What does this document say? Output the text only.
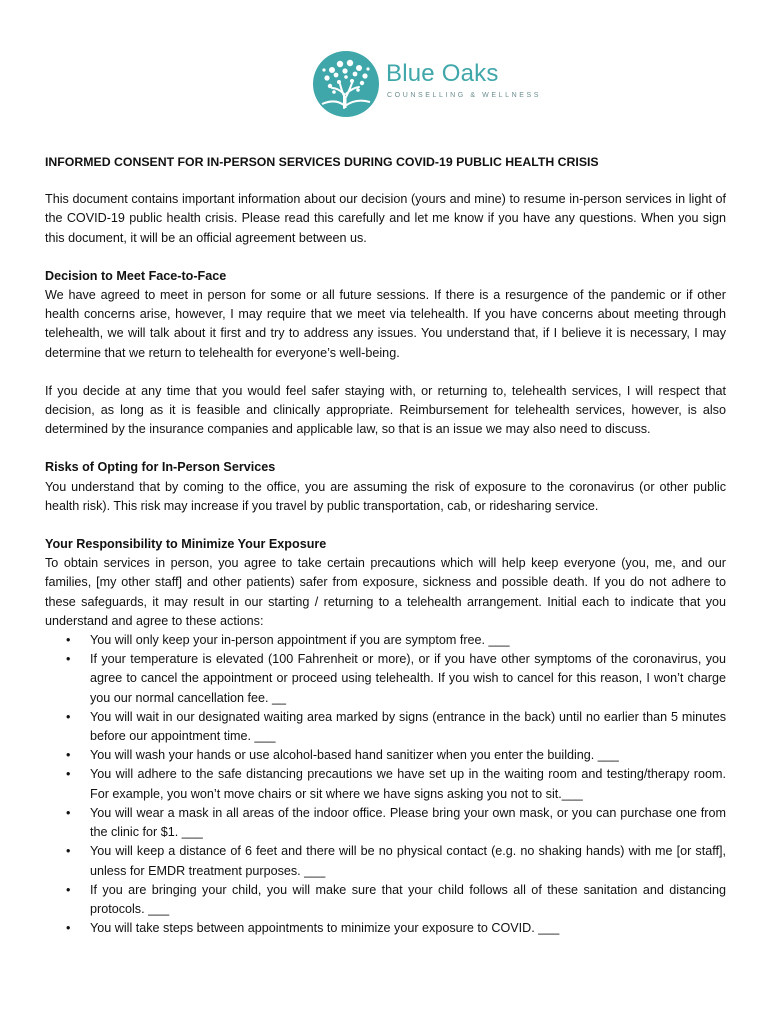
Blue Oaks
COUNSELLING & WELLNESS
INFORMED CONSENT FOR IN-PERSON SERVICES DURING COVID-19 PUBLIC HEALTH CRISIS

This document contains important information about our decision (yours and mine) to resume in-person services in light of the COVID-19 public health crisis. Please read this carefully and let me know if you have any questions. When you sign this document, it will be an official agreement between us.

Decision to Meet Face-to-Face

We have agreed to meet in person for some or all future sessions. If there is a resurgence of the pandemic or if other health concerns arise, however, I may require that we meet via telehealth. If you have concerns about meeting through telehealth, we will talk about it first and try to address any issues. You understand that, if I believe it is necessary, I may determine that we return to telehealth for everyone’s well-being.

If you decide at any time that you would feel safer staying with, or returning to, telehealth services, I will respect that decision, as long as it is feasible and clinically appropriate. Reimbursement for telehealth services, however, is also determined by the insurance companies and applicable law, so that is an issue we may also need to discuss.

Risks of Opting for In-Person Services

You understand that by coming to the office, you are assuming the risk of exposure to the coronavirus (or other public health risk). This risk may increase if you travel by public transportation, cab, or ridesharing service.

Your Responsibility to Minimize Your Exposure

To obtain services in person, you agree to take certain precautions which will help keep everyone (you, me, and our families, [my other staff] and other patients) safer from exposure, sickness and possible death. If you do not adhere to these safeguards, it may result in our starting / returning to a telehealth arrangement. Initial each to indicate that you understand and agree to these actions:

• You will only keep your in-person appointment if you are symptom free. ___
• If your temperature is elevated (100 Fahrenheit or more), or if you have other symptoms of the coronavirus, you agree to cancel the appointment or proceed using telehealth. If you wish to cancel for this reason, I won’t charge you our normal cancellation fee. __
• You will wait in our designated waiting area marked by signs (entrance in the back) until no earlier than 5 minutes before our appointment time. ___
• You will wash your hands or use alcohol-based hand sanitizer when you enter the building. ___
• You will adhere to the safe distancing precautions we have set up in the waiting room and testing/therapy room. For example, you won’t move chairs or sit where we have signs asking you not to sit.___
• You will wear a mask in all areas of the indoor office. Please bring your own mask, or you can purchase one from the clinic for $1. ___
• You will keep a distance of 6 feet and there will be no physical contact (e.g. no shaking hands) with me [or staff], unless for EMDR treatment purposes. ___
• If you are bringing your child, you will make sure that your child follows all of these sanitation and distancing protocols. ___
• You will take steps between appointments to minimize your exposure to COVID. ___
